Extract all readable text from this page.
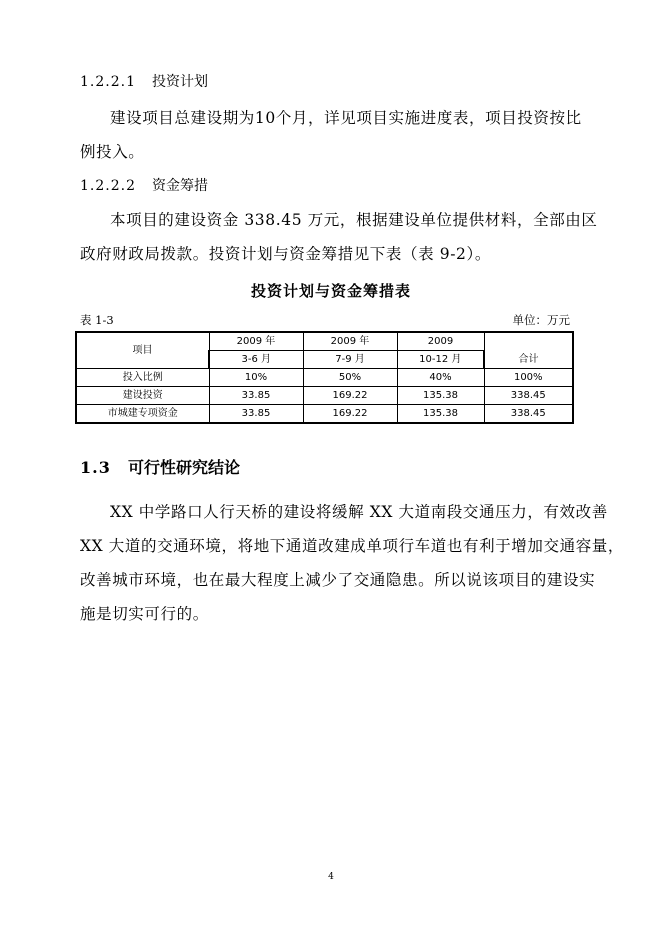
1.2.2.1 投资计划

建设项目总建设期为10个月，详见项目实施进度表，项目投资按比

例投入。

1.2.2.2 资金筹措

本项目的建设资金 338.45 万元，根据建设单位提供材料，全部由区

政府财政局拨款。投资计划与资金筹措见下表（表 9-2）。

投资计划与资金筹措表

表 1-3	单位：万元

项目	2009 年	2009 年	2009	合计
	3-6 月	7-9 月	10-12 月	
投入比例	10%	50%	40%	100%
建设投资	33.85	169.22	135.38	338.45
市城建专项资金	33.85	169.22	135.38	338.45

1.3 可行性研究结论

XX 中学路口人行天桥的建设将缓解 XX 大道南段交通压力，有效改善

XX 大道的交通环境，将地下通道改建成单项行车道也有利于增加交通容量，

改善城市环境，也在最大程度上减少了交通隐患。所以说该项目的建设实

施是切实可行的。

4
